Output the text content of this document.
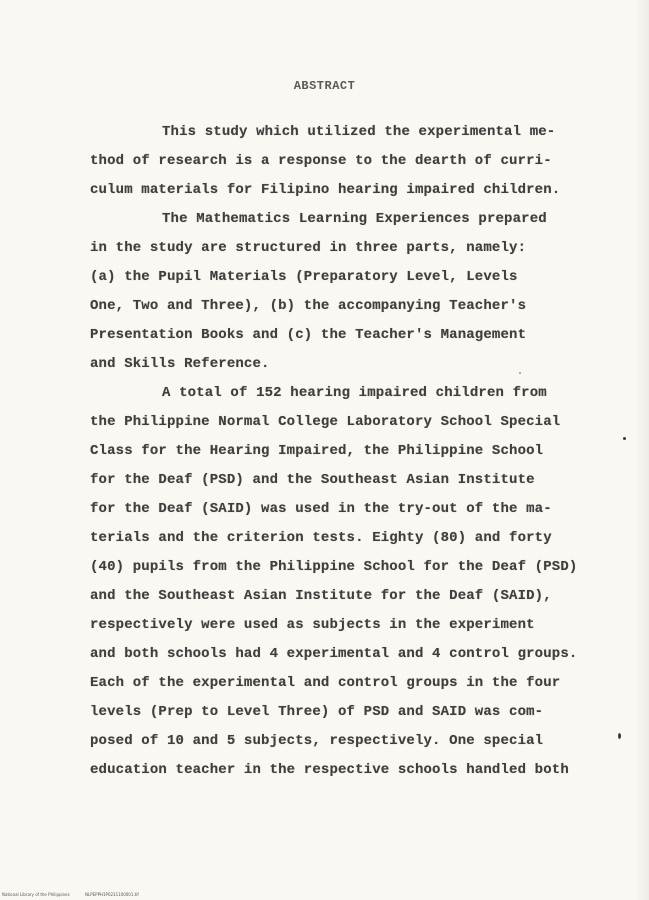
ABSTRACT
This study which utilized the experimental me-
thod of research is a response to the dearth of curri-
culum materials for Filipino hearing impaired children.
The Mathematics Learning Experiences prepared
in the study are structured in three parts, namely:
(a) the Pupil Materials (Preparatory Level, Levels
One, Two and Three), (b) the accompanying Teacher's
Presentation Books and (c) the Teacher's Management
and Skills Reference.
A total of 152 hearing impaired children from
the Philippine Normal College Laboratory School Special
Class for the Hearing Impaired, the Philippine School
for the Deaf (PSD) and the Southeast Asian Institute
for the Deaf (SAID) was used in the try-out of the ma-
terials and the criterion tests. Eighty (80) and forty
(40) pupils from the Philippine School for the Deaf (PSD)
and the Southeast Asian Institute for the Deaf (SAID),
respectively were used as subjects in the experiment
and both schools had 4 experimental and 4 control groups.
Each of the experimental and control groups in the four
levels (Prep to Level Three) of PSD and SAID was com-
posed of 10 and 5 subjects, respectively. One special
education teacher in the respective schools handled both
National Library of the Philippines	NLPEPPH1P0231100001.tif
